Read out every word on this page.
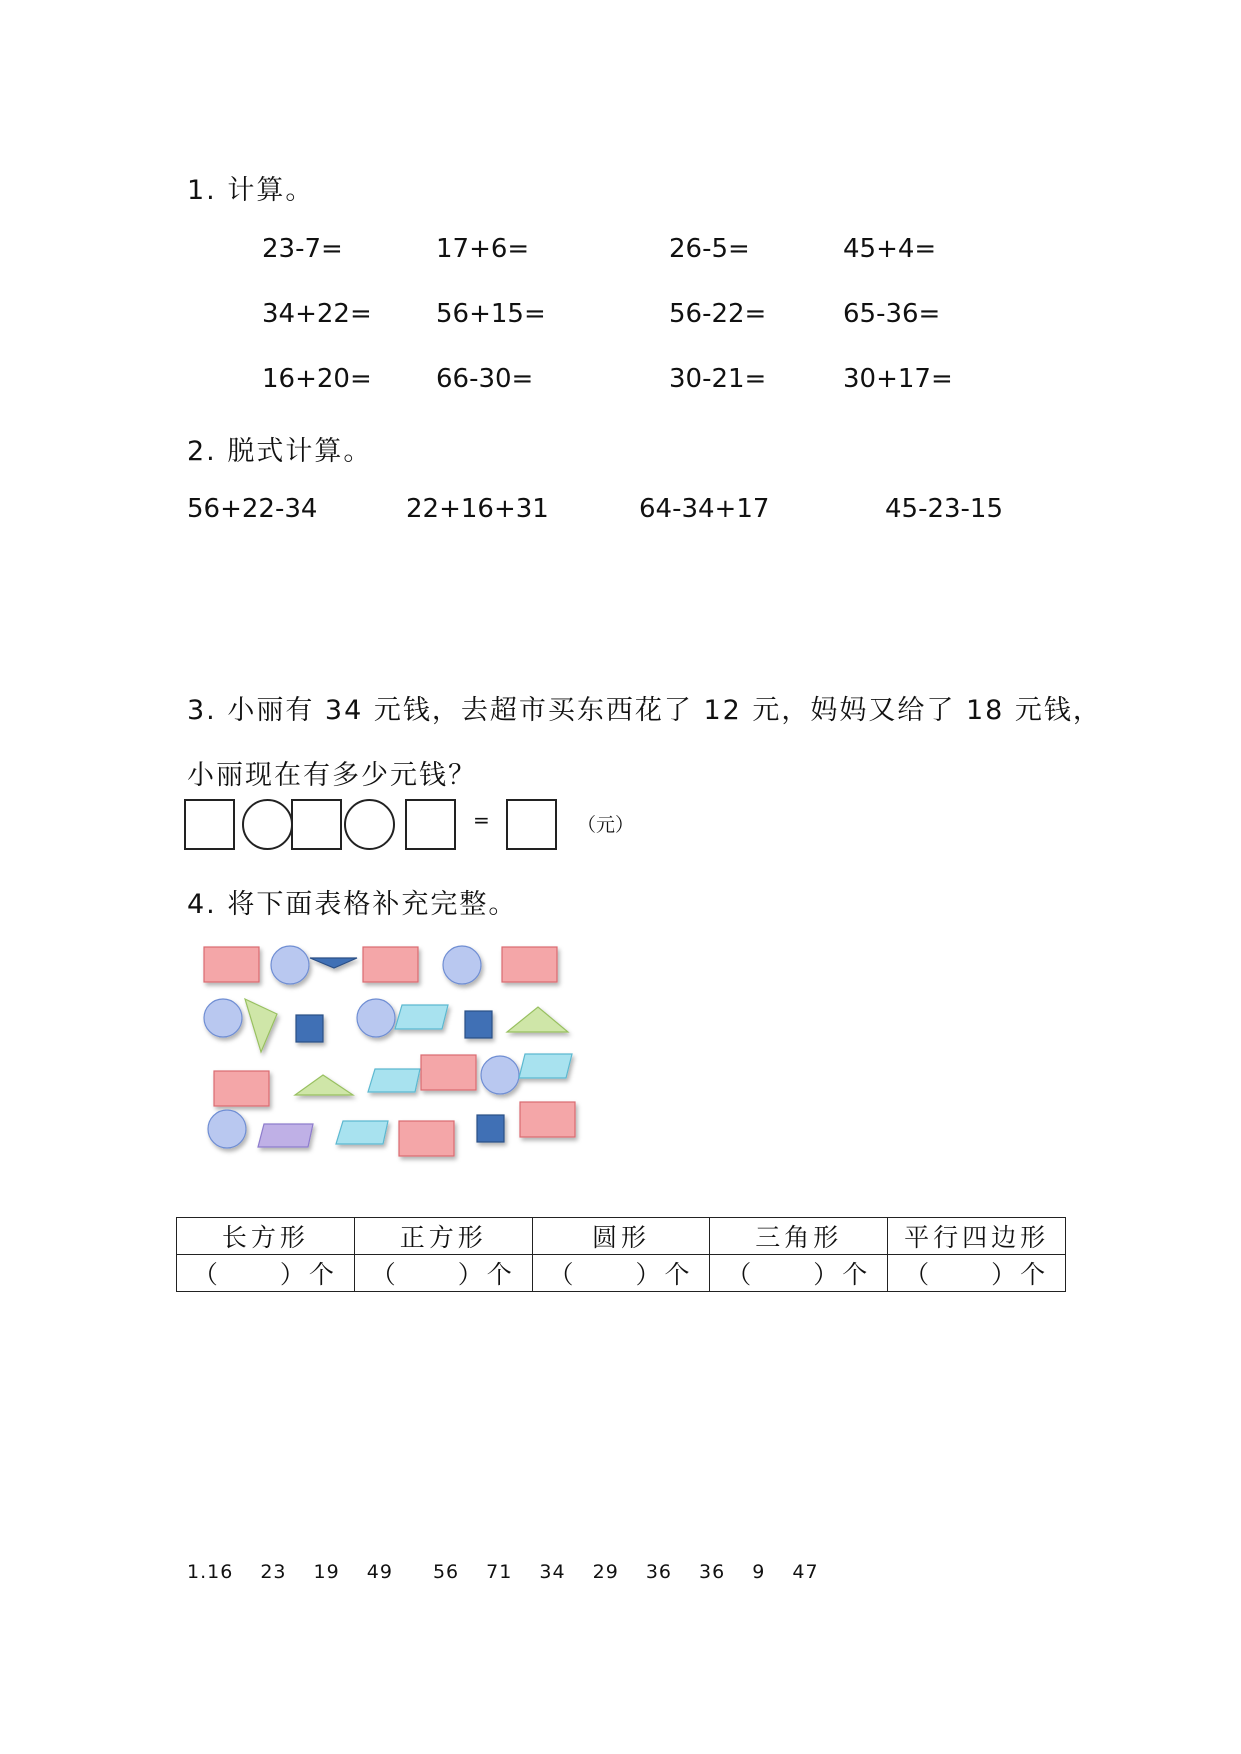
1. 计算。
23-7=	17+6=	26-5=	45+4=
34+22= 56+15=	56-22=	65-36=
16+20= 66-30=	30-21=	30+17=
2. 脱式计算。
56+22-34	22+16+31	64-34+17	45-23-15
3. 小丽有 34 元钱，去超市买东西花了 12 元，妈妈又给了 18 元钱，
小丽现在有多少元钱？
=	（元）
4. 将下面表格补充完整。
长方形	正方形	圆形	三角形	平行四边形
（　　）个	（　　）个	（　　）个	（　　）个	（　　）个
1.16　 23　 19　 49　　56　 71　 34　 29　 36　 36　 9　 47
